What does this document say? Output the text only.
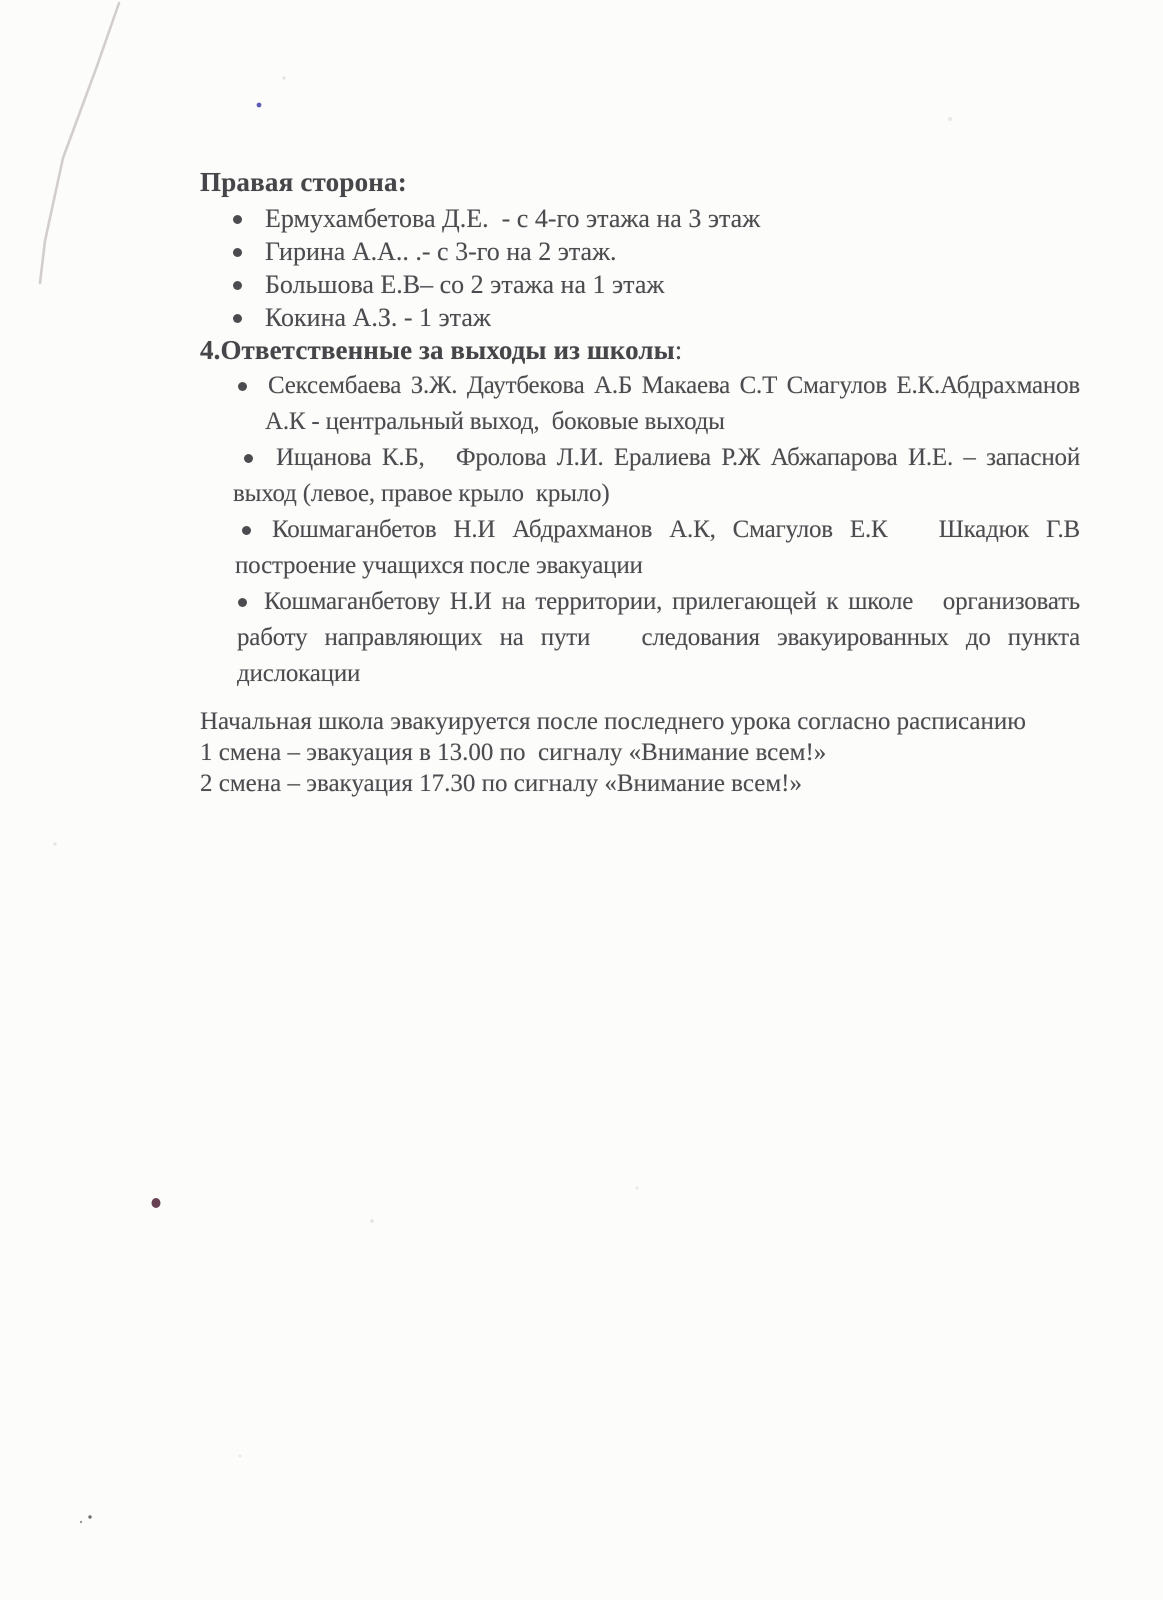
Правая сторона:
Ермухамбетова Д.Е.  - с 4-го этажа на 3 этаж
Гирина А.А.. .- с 3-го на 2 этаж.
Большова Е.В– со 2 этажа на 1 этаж
Кокина А.З. - 1 этаж
4.Ответственные за выходы из школы:
Сексембаева З.Ж. Даутбекова А.Б Макаева С.Т Смагулов Е.К.Абдрахманов
А.К - центральный выход,  боковые выходы
Ищанова К.Б,   Фролова Л.И. Ералиева Р.Ж Абжапарова И.Е. – запасной
выход (левое, правое крыло  крыло)
Кошмаганбетов Н.И Абдрахманов А.К, Смагулов Е.К   Шкадюк Г.В
построение учащихся после эвакуации
Кошмаганбетову Н.И на территории, прилегающей к школе   организовать
работу направляющих на пути   следования эвакуированных до пункта
дислокации
Начальная школа эвакуируется после последнего урока согласно расписанию
1 смена – эвакуация в 13.00 по  сигналу «Внимание всем!»
2 смена – эвакуация 17.30 по сигналу «Внимание всем!»
